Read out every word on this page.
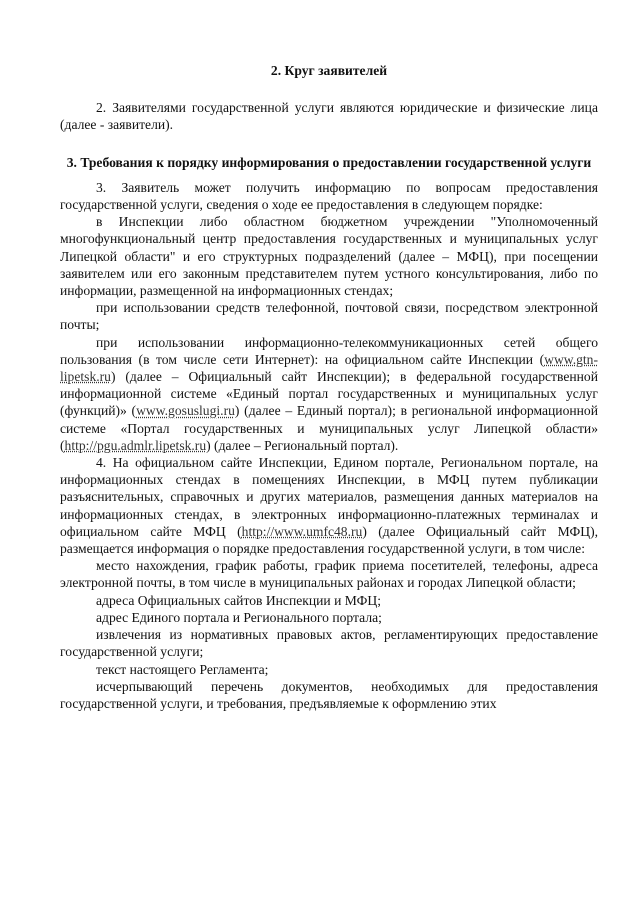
2. Круг заявителей

2. Заявителями государственной услуги являются юридические и физические лица (далее - заявители).

3. Требования к порядку информирования о предоставлении государственной услуги

3. Заявитель может получить информацию по вопросам предоставления государственной услуги, сведения о ходе ее предоставления в следующем порядке:

в Инспекции либо областном бюджетном учреждении "Уполномоченный многофункциональный центр предоставления государственных и муниципальных услуг Липецкой области" и его структурных подразделений (далее – МФЦ), при посещении заявителем или его законным представителем путем устного консультирования, либо по информации, размещенной на информационных стендах;

при использовании средств телефонной, почтовой связи, посредством электронной почты;

при использовании информационно-телекоммуникационных сетей общего пользования (в том числе сети Интернет): на официальном сайте Инспекции (www.gtn-lipetsk.ru) (далее – Официальный сайт Инспекции); в федеральной государственной информационной системе «Единый портал государственных и муниципальных услуг (функций)» (www.gosuslugi.ru) (далее – Единый портал); в региональной информационной системе «Портал государственных и муниципальных услуг Липецкой области» (http://pgu.admlr.lipetsk.ru) (далее – Региональный портал).

4. На официальном сайте Инспекции, Едином портале, Региональном портале, на информационных стендах в помещениях Инспекции, в МФЦ путем публикации разъяснительных, справочных и других материалов, размещения данных материалов на информационных стендах, в электронных информационно-платежных терминалах и официальном сайте МФЦ (http://www.umfc48.ru) (далее Официальный сайт МФЦ), размещается информация о порядке предоставления государственной услуги, в том числе:

место нахождения, график работы, график приема посетителей, телефоны, адреса электронной почты, в том числе в муниципальных районах и городах Липецкой области;

адреса Официальных сайтов Инспекции и МФЦ;

адрес Единого портала и Регионального портала;

извлечения из нормативных правовых актов, регламентирующих предоставление государственной услуги;

текст настоящего Регламента;

исчерпывающий перечень документов, необходимых для предоставления государственной услуги, и требования, предъявляемые к оформлению этих
